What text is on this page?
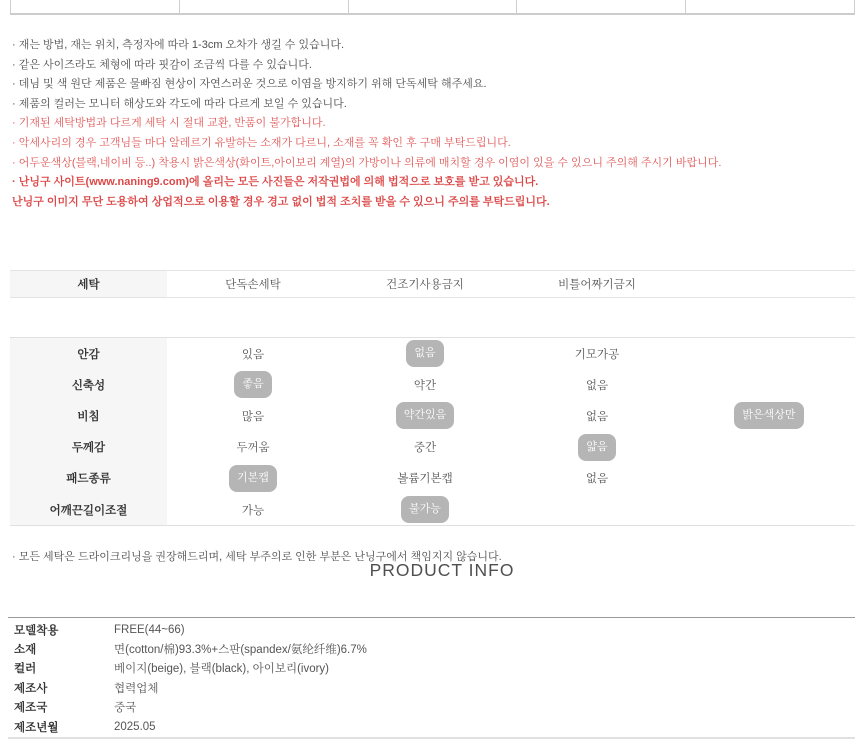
· 재는 방법, 재는 위치, 측정자에 따라 1-3cm 오차가 생길 수 있습니다.
· 같은 사이즈라도 체형에 따라 핏감이 조금씩 다를 수 있습니다.
· 데님 및 색 원단 제품은 물빠짐 현상이 자연스러운 것으로 이염을 방지하기 위해 단독세탁 해주세요.
· 제품의 컬러는 모니터 해상도와 각도에 따라 다르게 보일 수 있습니다.
· 기재된 세탁방법과 다르게 세탁 시 절대 교환, 반품이 불가합니다.
· 악세사리의 경우 고객님들 마다 알레르기 유발하는 소재가 다르니, 소재를 꼭 확인 후 구매 부탁드립니다.
· 어두운색상(블랙,네이비 등..) 착용시 밝은색상(화이트,아이보리 계열)의 가방이나 의류에 매치할 경우 이염이 있을 수 있으니 주의해 주시기 바랍니다.
· 난닝구 사이트(www.naning9.com)에 올리는 모든 사진들은 저작권법에 의해 법적으로 보호를 받고 있습니다.
난닝구 이미지 무단 도용하여 상업적으로 이용할 경우 경고 없이 법적 조치를 받을 수 있으니 주의를 부탁드립니다.
세탁	단독손세탁	건조기사용금지	비틀어짜기금지
안감	있음	없음	기모가공
신축성	좋음	약간	없음
비침	많음	약간있음	없음	밝은색상만
두께감	두꺼움	중간	얇음
패드종류	기본캡	볼륨기본캡	없음
어깨끈길이조절	가능	불가능
· 모든 세탁은 드라이크리닝을 권장해드리며, 세탁 부주의로 인한 부분은 난닝구에서 책임지지 않습니다.
PRODUCT INFO
모델착용	FREE(44~66)
소재	면(cotton/棉)93.3%+스판(spandex/氨纶纤维)6.7%
컬러	베이지(beige), 블랙(black), 아이보리(ivory)
제조사	협력업체
제조국	중국
제조년월	2025.05
